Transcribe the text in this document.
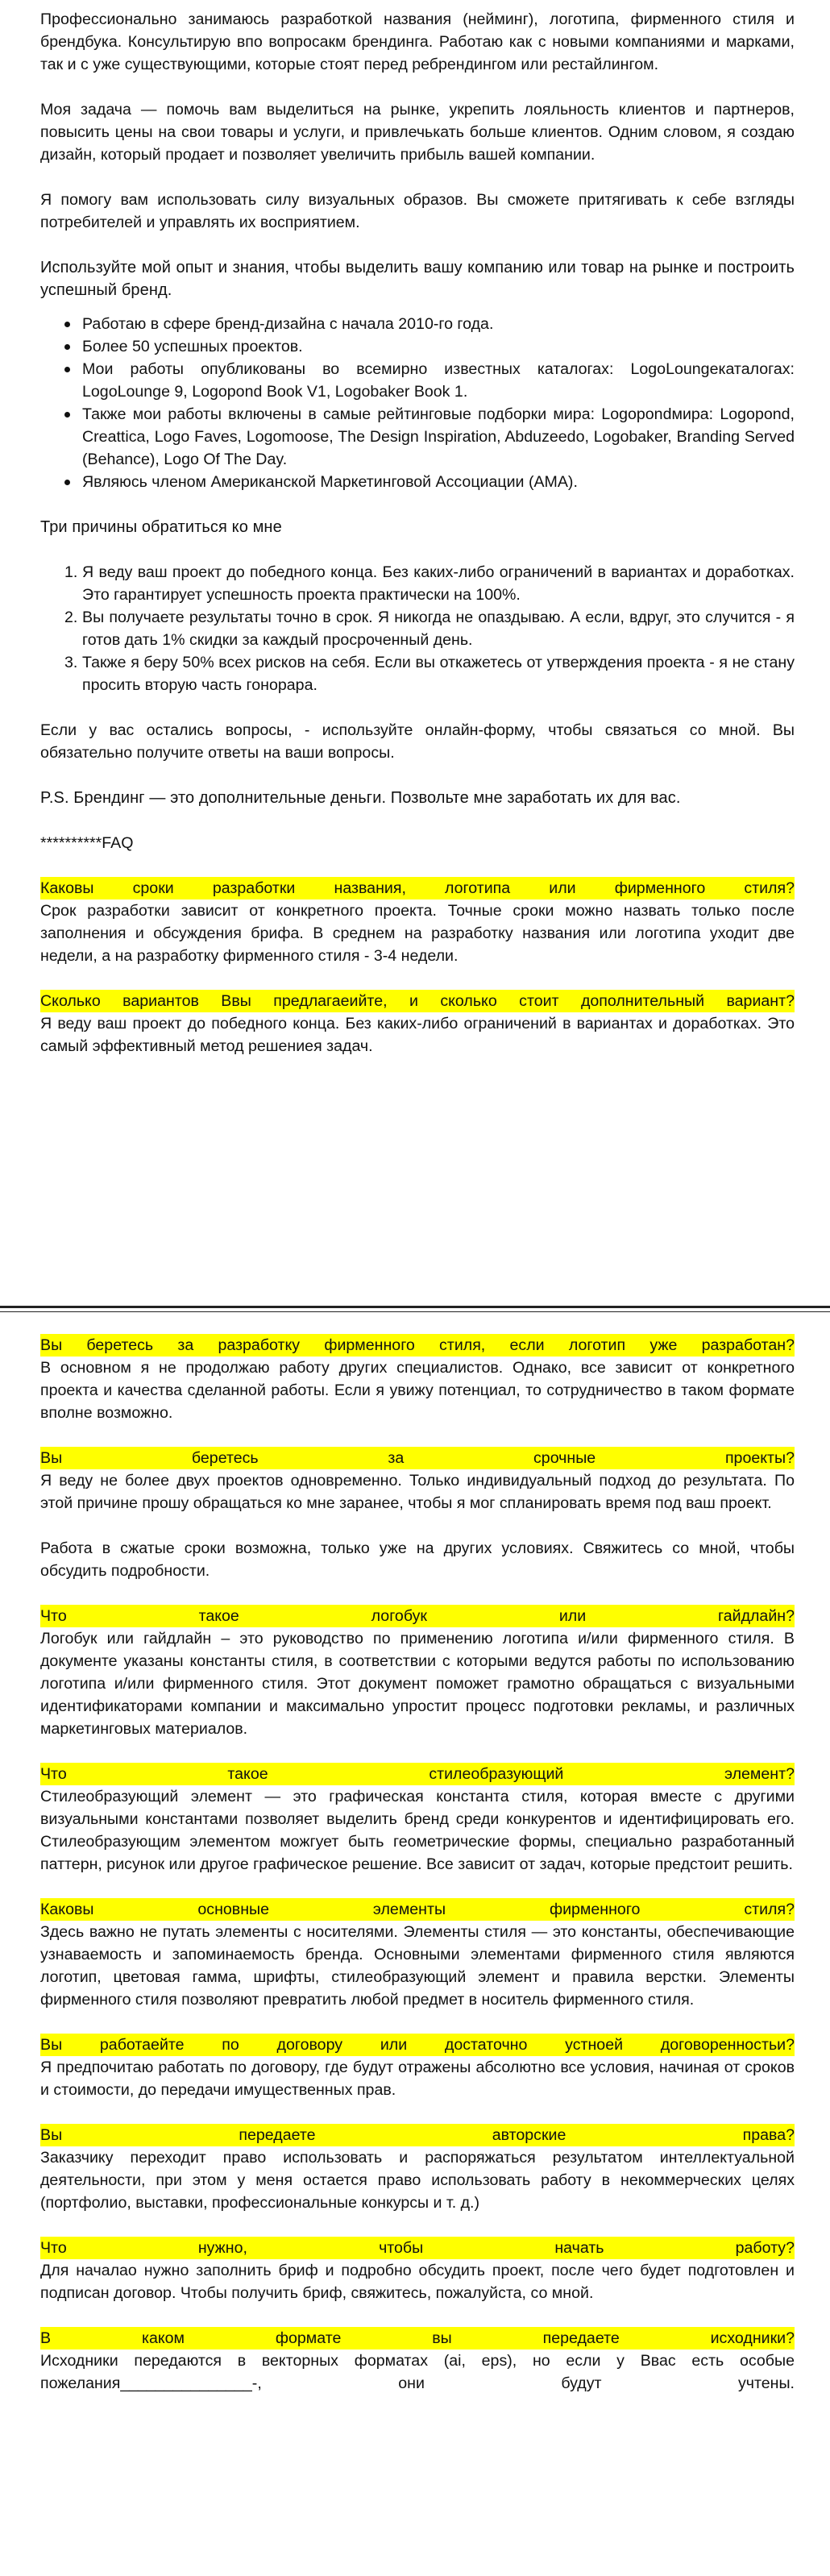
Профессионально занимаюсь разработкой названия (нейминг), логотипа, фирменного стиля и брендбука. Консультирую впо вопросакм брендинга. Работаю как с новыми компаниями и марками, так и с уже существующими, которые стоят перед ребрендингом или рестайлингом.

Моя задача — помочь вам выделиться на рынке, укрепить лояльность клиентов и партнеров, повысить цены на свои товары и услуги, и привлечькать больше клиентов. Одним словом, я создаю дизайн, который продает и позволяет увеличить прибыль вашей компании.

Я помогу вам использовать силу визуальных образов. Вы сможете притягивать к себе взгляды потребителей и управлять их восприятием.

Используйте мой опыт и знания, чтобы выделить вашу компанию или товар на рынке и построить успешный бренд.

Работаю в сфере бренд-дизайна с начала 2010-го года.
Более 50 успешных проектов.
Мои работы опубликованы во всемирно известных каталогах: LogoLoungeкаталогах: LogoLounge 9, Logopond Book V1, Logobaker Book 1.
Также мои работы включены в самые рейтинговые подборки мира: Logopondмира: Logopond, Creattica, Logo Faves, Logomoose, The Design Inspiration, Abduzeedo, Logobaker, Branding Served (Behance), Logo Of The Day.
Являюсь членом Американской Маркетинговой Ассоциации (AMA).

Три причины обратиться ко мне

1. Я веду ваш проект до победного конца. Без каких-либо ограничений в вариантах и доработках. Это гарантирует успешность проекта практически на 100%.
2. Вы получаете результаты точно в срок. Я никогда не опаздываю. А если, вдруг, это случится - я готов дать 1% скидки за каждый просроченный день.
3. Также я беру 50% всех рисков на себя. Если вы откажетесь от утверждения проекта - я не стану просить вторую часть гонорара.

Если у вас остались вопросы, - используйте онлайн-форму, чтобы связаться со мной. Вы обязательно получите ответы на ваши вопросы.

P.S. Брендинг — это дополнительные деньги. Позвольте мне заработать их для вас.

**********FAQ

Каковы сроки разработки названия, логотипа или фирменного стиля?

Срок разработки зависит от конкретного проекта. Точные сроки можно назвать только после заполнения и обсуждения брифа. В среднем на разработку названия или логотипа уходит две недели, а на разработку фирменного стиля - 3-4 недели.

Сколько вариантов Ввы предлагаеийте, и сколько стоит дополнительный вариант?

Я веду ваш проект до победного конца. Без каких-либо ограничений в вариантах и доработках. Это самый эффективный метод решениея задач.

Вы беретесь за разработку фирменного стиля, если логотип уже разработан?

В основном я не продолжаю работу других специалистов. Однако, все зависит от конкретного проекта и качества сделанной работы. Если я увижу потенциал, то сотрудничество в таком формате вполне возможно.

Вы беретесь за срочные проекты?

Я веду не более двух проектов одновременно. Только индивидуальный подход до результата. По этой причине прошу обращаться ко мне заранее, чтобы я мог спланировать время под ваш проект.

Работа в сжатые сроки возможна, только уже на других условиях. Свяжитесь со мной, чтобы обсудить подробности.

Что такое логобук или гайдлайн?

Логобук или гайдлайн – это руководство по применению логотипа и/или фирменного стиля. В документе указаны константы стиля, в соответствии с которыми ведутся работы по использованию логотипа и/или фирменного стиля. Этот документ поможет грамотно обращаться с визуальными идентификаторами компании и максимально упростит процесс подготовки рекламы, и различных маркетинговых материалов.

Что такое стилеобразующий элемент?

Стилеобразующий элемент — это графическая константа стиля, которая вместе с другими визуальными константами позволяет выделить бренд среди конкурентов и идентифицировать его. Стилеобразующим элементом можгует быть геометрические формы, специально разработанный паттерн, рисунок или другое графическое решение. Все зависит от задач, которые предстоит решить.

Каковы основные элементы фирменного стиля?

Здесь важно не путать элементы с носителями. Элементы стиля — это константы, обеспечивающие узнаваемость и запоминаемость бренда. Основными элементами фирменного стиля являются логотип, цветовая гамма, шрифты, стилеобразующий элемент и правила верстки. Элементы фирменного стиля позволяют превратить любой предмет в носитель фирменного стиля.

Вы работаейте по договору или достаточно устноей договоренностьи?

Я предпочитаю работать по договору, где будут отражены абсолютно все условия, начиная от сроков и стоимости, до передачи имущественных прав.

Вы передаете авторские права?

Заказчику переходит право использовать и распоряжаться результатом интеллектуальной деятельности, при этом у меня остается право использовать работу в некоммерческих целях (портфолио, выставки, профессиональные конкурсы и т. д.)

Что нужно, чтобы начать работу?

Для началао нужно заполнить бриф и подробно обсудить проект, после чего будет подготовлен и подписан договор. Чтобы получить бриф, свяжитесь, пожалуйста, со мной.

В каком формате вы передаете исходники?

Исходники передаются в векторных форматах (ai, eps), но если у Ввас есть особые пожелания_______________-, они будут учтены.
